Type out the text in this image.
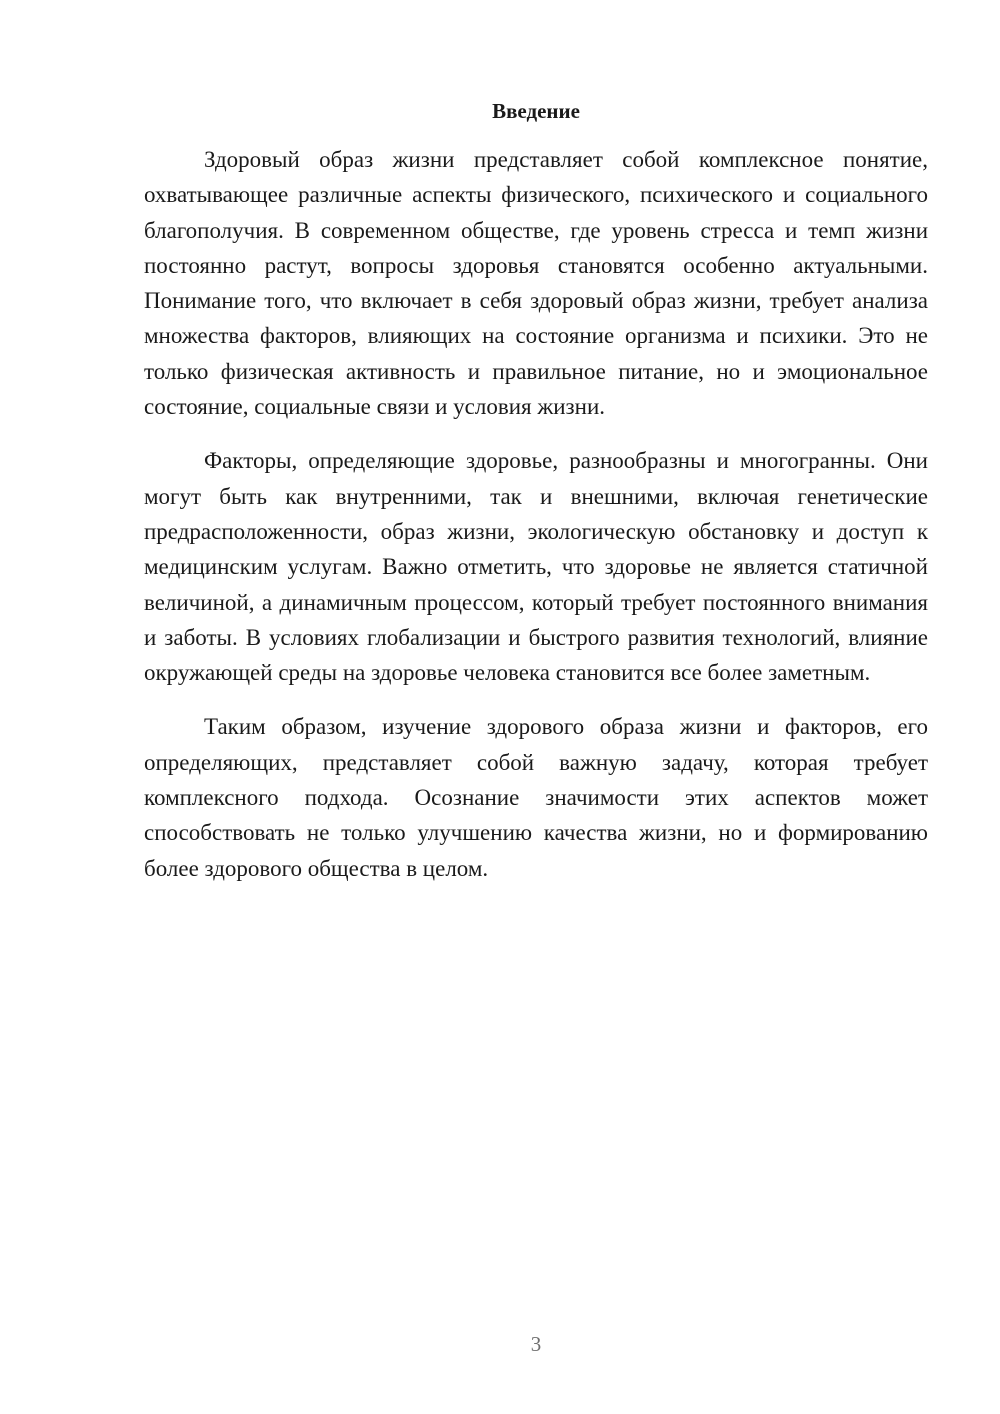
Введение

Здоровый образ жизни представляет собой комплексное понятие, охватывающее различные аспекты физического, психического и социального благополучия. В современном обществе, где уровень стресса и темп жизни постоянно растут, вопросы здоровья становятся особенно актуальными. Понимание того, что включает в себя здоровый образ жизни, требует анализа множества факторов, влияющих на состояние организма и психики. Это не только физическая активность и правильное питание, но и эмоциональное состояние, социальные связи и условия жизни.

Факторы, определяющие здоровье, разнообразны и многогранны. Они могут быть как внутренними, так и внешними, включая генетические предрасположенности, образ жизни, экологическую обстановку и доступ к медицинским услугам. Важно отметить, что здоровье не является статичной величиной, а динамичным процессом, который требует постоянного внимания и заботы. В условиях глобализации и быстрого развития технологий, влияние окружающей среды на здоровье человека становится все более заметным.

Таким образом, изучение здорового образа жизни и факторов, его определяющих, представляет собой важную задачу, которая требует комплексного подхода. Осознание значимости этих аспектов может способствовать не только улучшению качества жизни, но и формированию более здорового общества в целом.

3
